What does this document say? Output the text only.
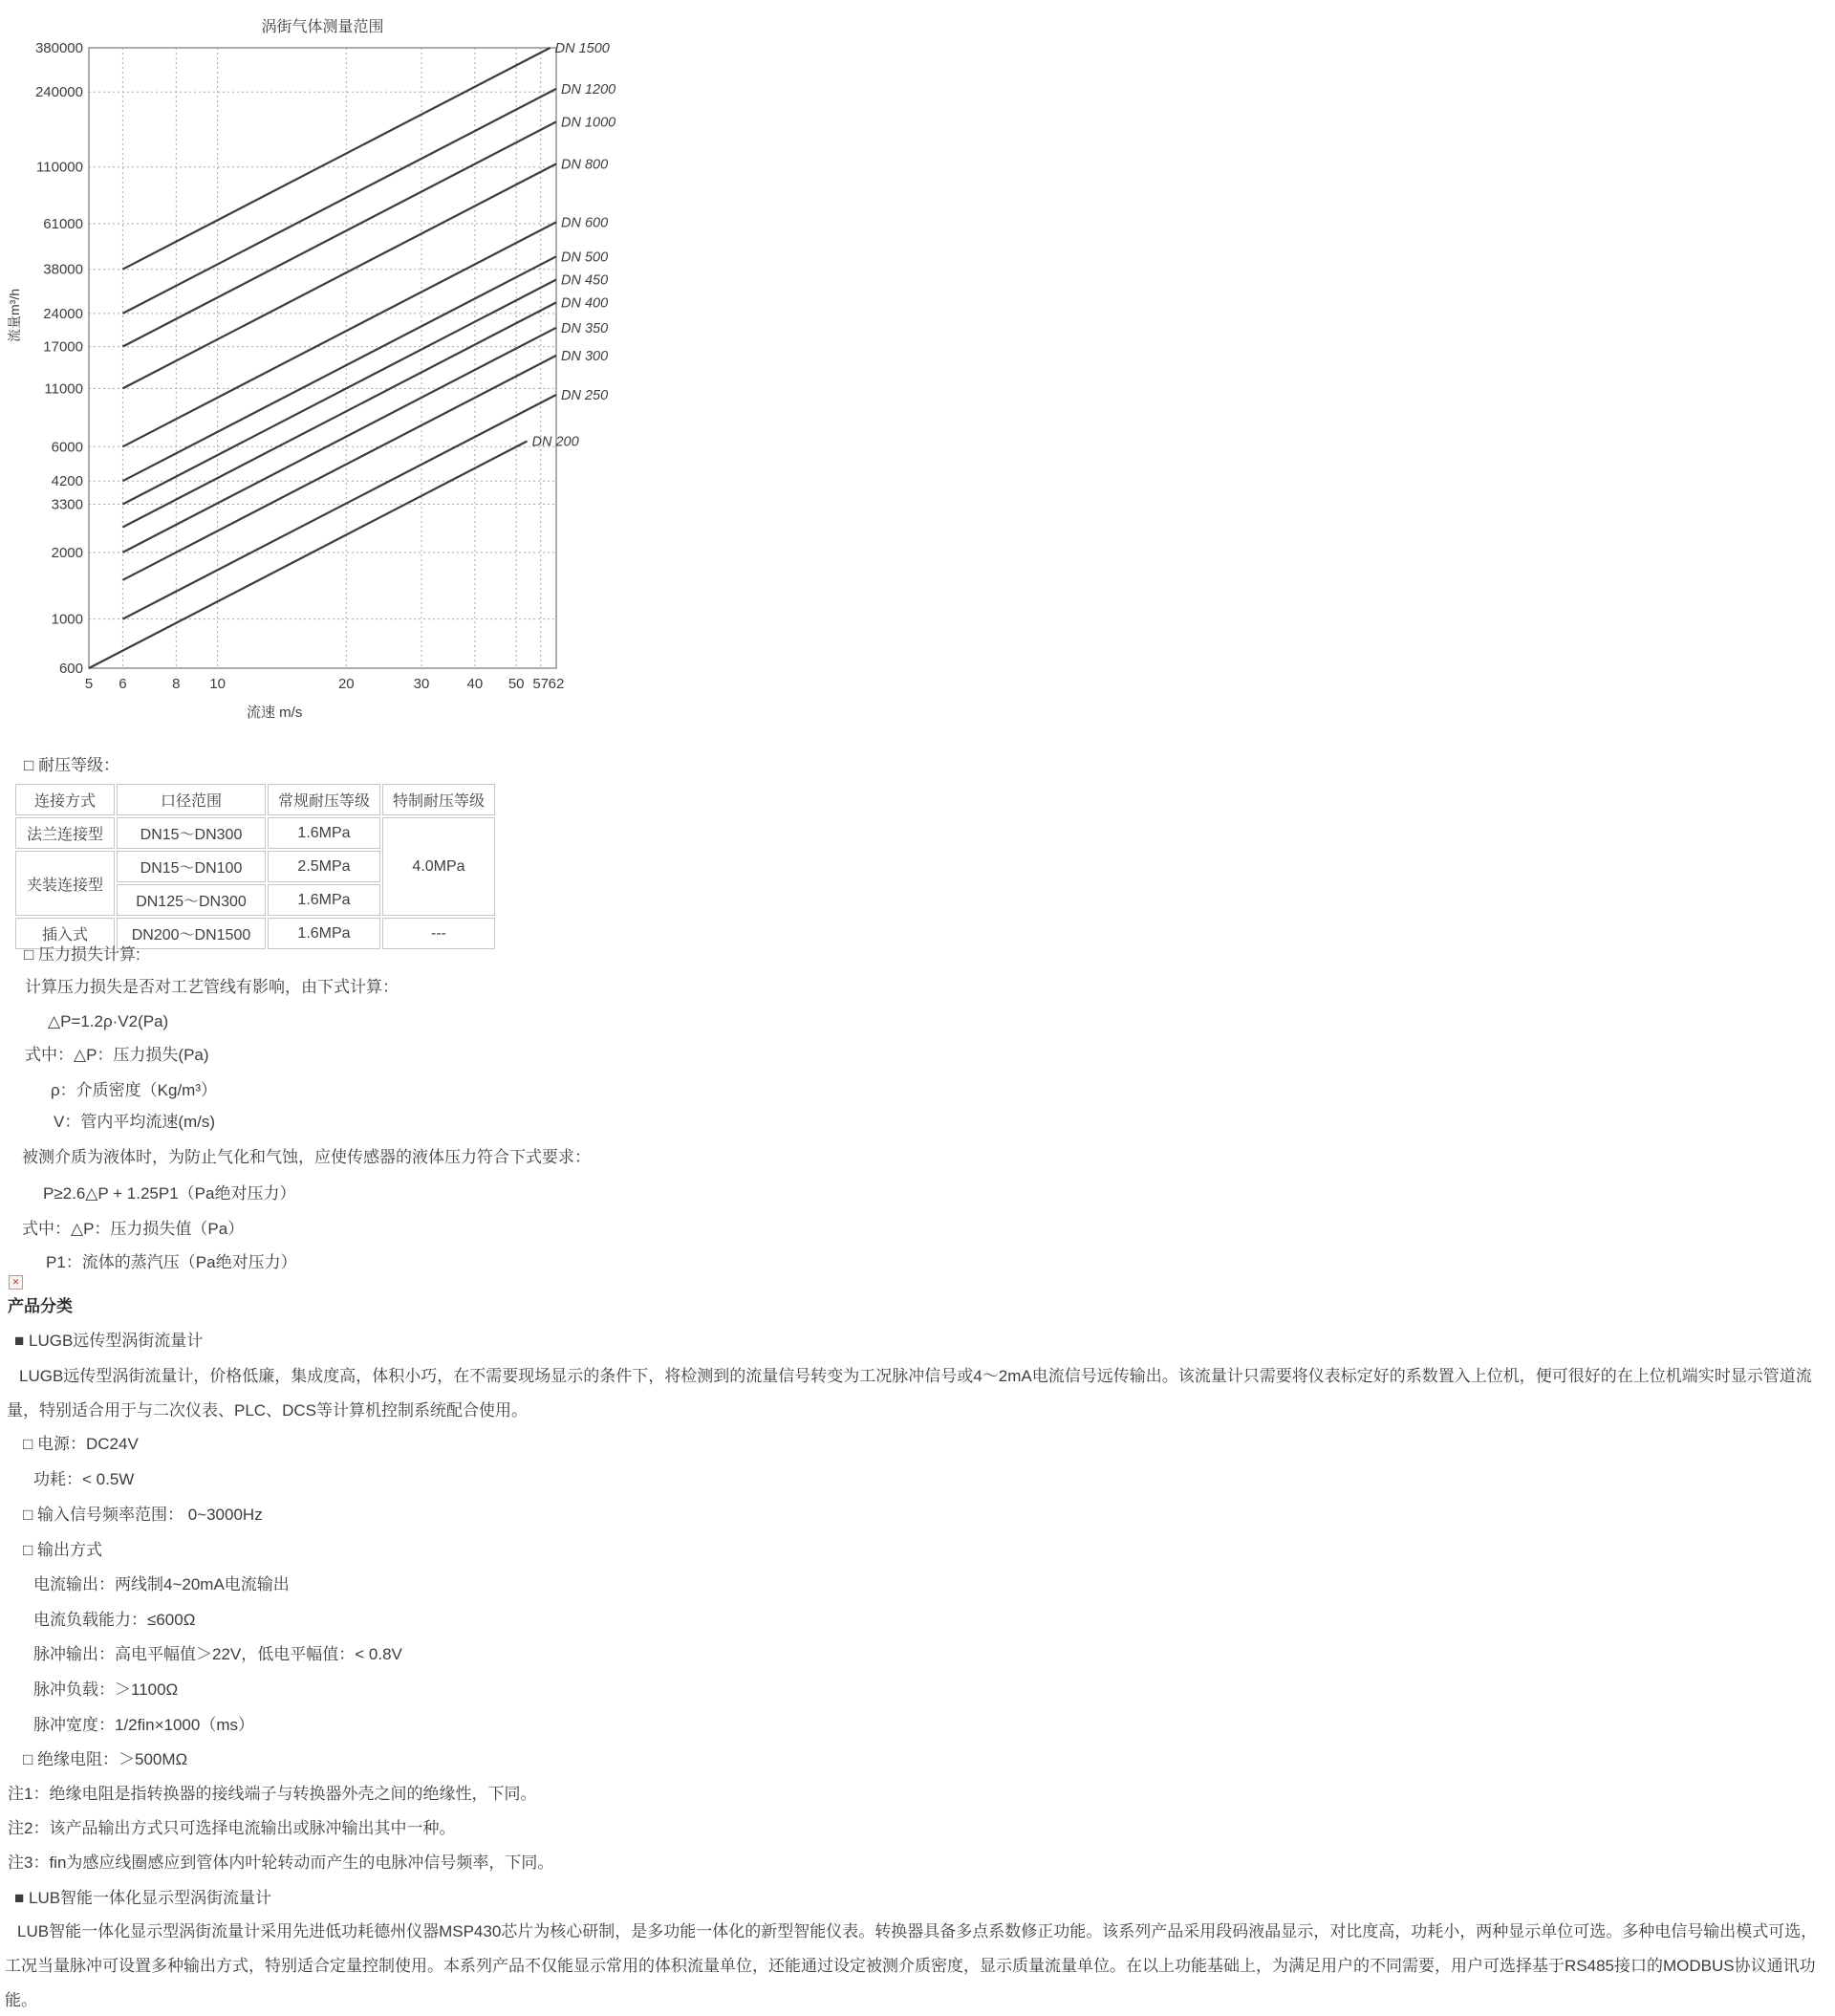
600
1000
2000
3300
4200
6000
11000
17000
24000
38000
61000
110000
240000
380000
5 6	8 10	20	30	40 50 57 62
DN 1500
DN 1200
DN 1000
DN 800
DN 600
DN 500
DN 450
DN 400
DN 350
DN 300
DN 250
DN 200
涡街气体测量范围
流速 m/s
流量m³/h
□ 耐压等级：
连接方式	口径范围	常规耐压等级	特制耐压等级
法兰连接型	DN15～DN300	1.6MPa	4.0MPa
夹装连接型	DN15～DN100	2.5MPa	
	DN125～DN300	1.6MPa	
插入式	DN200～DN1500	1.6MPa	---
□ 压力损失计算:
计算压力损失是否对工艺管线有影响，由下式计算：
△P=1.2ρ·V2(Pa)
式中：△P：压力损失(Pa)
ρ：介质密度（Kg/m³）
V：管内平均流速(m/s)
被测介质为液体时，为防止气化和气蚀，应使传感器的液体压力符合下式要求：
P≥2.6△P + 1.25P1（Pa绝对压力）
式中：△P：压力损失值（Pa）
P1：流体的蒸汽压（Pa绝对压力）
✕
产品分类
■ LUGB远传型涡街流量计
LUGB远传型涡街流量计，价格低廉，集成度高，体积小巧，在不需要现场显示的条件下，将检测到的流量信号转变为工况脉冲信号或4～2mA电流信号远传输出。该流量计只需要将仪表标定好的系数置入上位机，便可很好的在上位机端实时显示管道流
量，特别适合用于与二次仪表、PLC、DCS等计算机控制系统配合使用。
□ 电源：DC24V
功耗：< 0.5W
□ 输入信号频率范围： 0~3000Hz
□ 输出方式
电流输出：两线制4~20mA电流输出
电流负载能力：≤600Ω
脉冲输出：高电平幅值＞22V，低电平幅值：< 0.8V
脉冲负载：＞1100Ω
脉冲宽度：1/2fin×1000（ms）
□ 绝缘电阻：＞500MΩ
注1：绝缘电阻是指转换器的接线端子与转换器外壳之间的绝缘性，下同。
注2：该产品输出方式只可选择电流输出或脉冲输出其中一种。
注3：fin为感应线圈感应到管体内叶轮转动而产生的电脉冲信号频率，下同。
■ LUB智能一体化显示型涡街流量计
LUB智能一体化显示型涡街流量计采用先进低功耗德州仪器MSP430芯片为核心研制，是多功能一体化的新型智能仪表。转换器具备多点系数修正功能。该系列产品采用段码液晶显示，对比度高，功耗小，两种显示单位可选。多种电信号输出模式可选，
工况当量脉冲可设置多种输出方式，特别适合定量控制使用。本系列产品不仅能显示常用的体积流量单位，还能通过设定被测介质密度，显示质量流量单位。在以上功能基础上，为满足用户的不同需要，用户可选择基于RS485接口的MODBUS协议通讯功
能。
